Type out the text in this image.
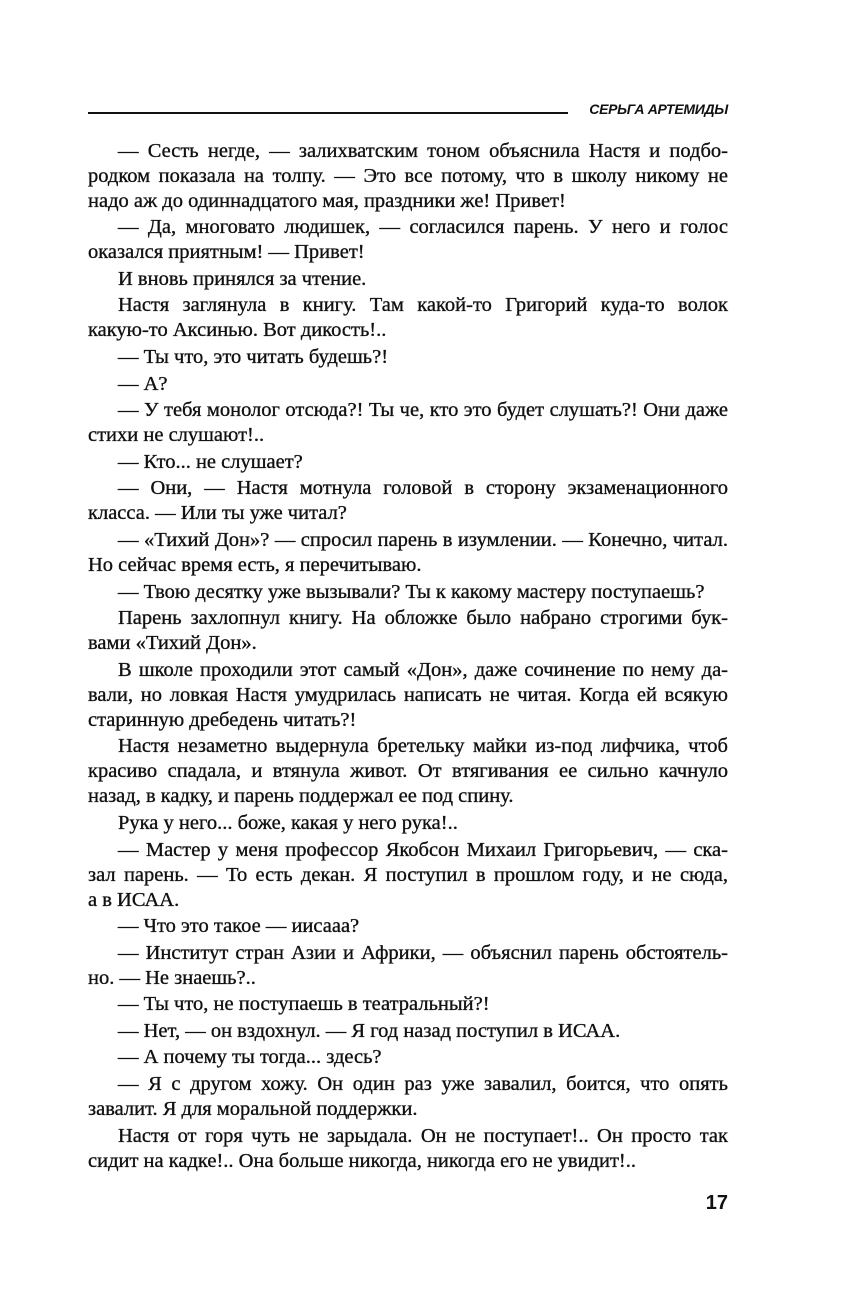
СЕРЬГА АРТЕМИДЫ
— Сесть негде, — залихватским тоном объяснила Настя и подбо-
родком показала на толпу. — Это все потому, что в школу никому не
надо аж до одиннадцатого мая, праздники же! Привет!
— Да, многовато людишек, — согласился парень. У него и голос
оказался приятным! — Привет!
И вновь принялся за чтение.
Настя заглянула в книгу. Там какой-то Григорий куда-то волок
какую-то Аксинью. Вот дикость!..
— Ты что, это читать будешь?!
— А?
— У тебя монолог отсюда?! Ты че, кто это будет слушать?! Они даже
стихи не слушают!..
— Кто... не слушает?
— Они, — Настя мотнула головой в сторону экзаменационного
класса. — Или ты уже читал?
— «Тихий Дон»? — спросил парень в изумлении. — Конечно, читал.
Но сейчас время есть, я перечитываю.
— Твою десятку уже вызывали? Ты к какому мастеру поступаешь?
Парень захлопнул книгу. На обложке было набрано строгими бук-
вами «Тихий Дон».
В школе проходили этот самый «Дон», даже сочинение по нему да-
вали, но ловкая Настя умудрилась написать не читая. Когда ей всякую
старинную дребедень читать?!
Настя незаметно выдернула бретельку майки из-под лифчика, чтоб
красиво спадала, и втянула живот. От втягивания ее сильно качнуло
назад, в кадку, и парень поддержал ее под спину.
Рука у него... боже, какая у него рука!..
— Мастер у меня профессор Якобсон Михаил Григорьевич, — ска-
зал парень. — То есть декан. Я поступил в прошлом году, и не сюда,
а в ИСАА.
— Что это такое — иисааа?
— Институт стран Азии и Африки, — объяснил парень обстоятель-
но. — Не знаешь?..
— Ты что, не поступаешь в театральный?!
— Нет, — он вздохнул. — Я год назад поступил в ИСАА.
— А почему ты тогда... здесь?
— Я с другом хожу. Он один раз уже завалил, боится, что опять
завалит. Я для моральной поддержки.
Настя от горя чуть не зарыдала. Он не поступает!.. Он просто так
сидит на кадке!.. Она больше никогда, никогда его не увидит!..
17
